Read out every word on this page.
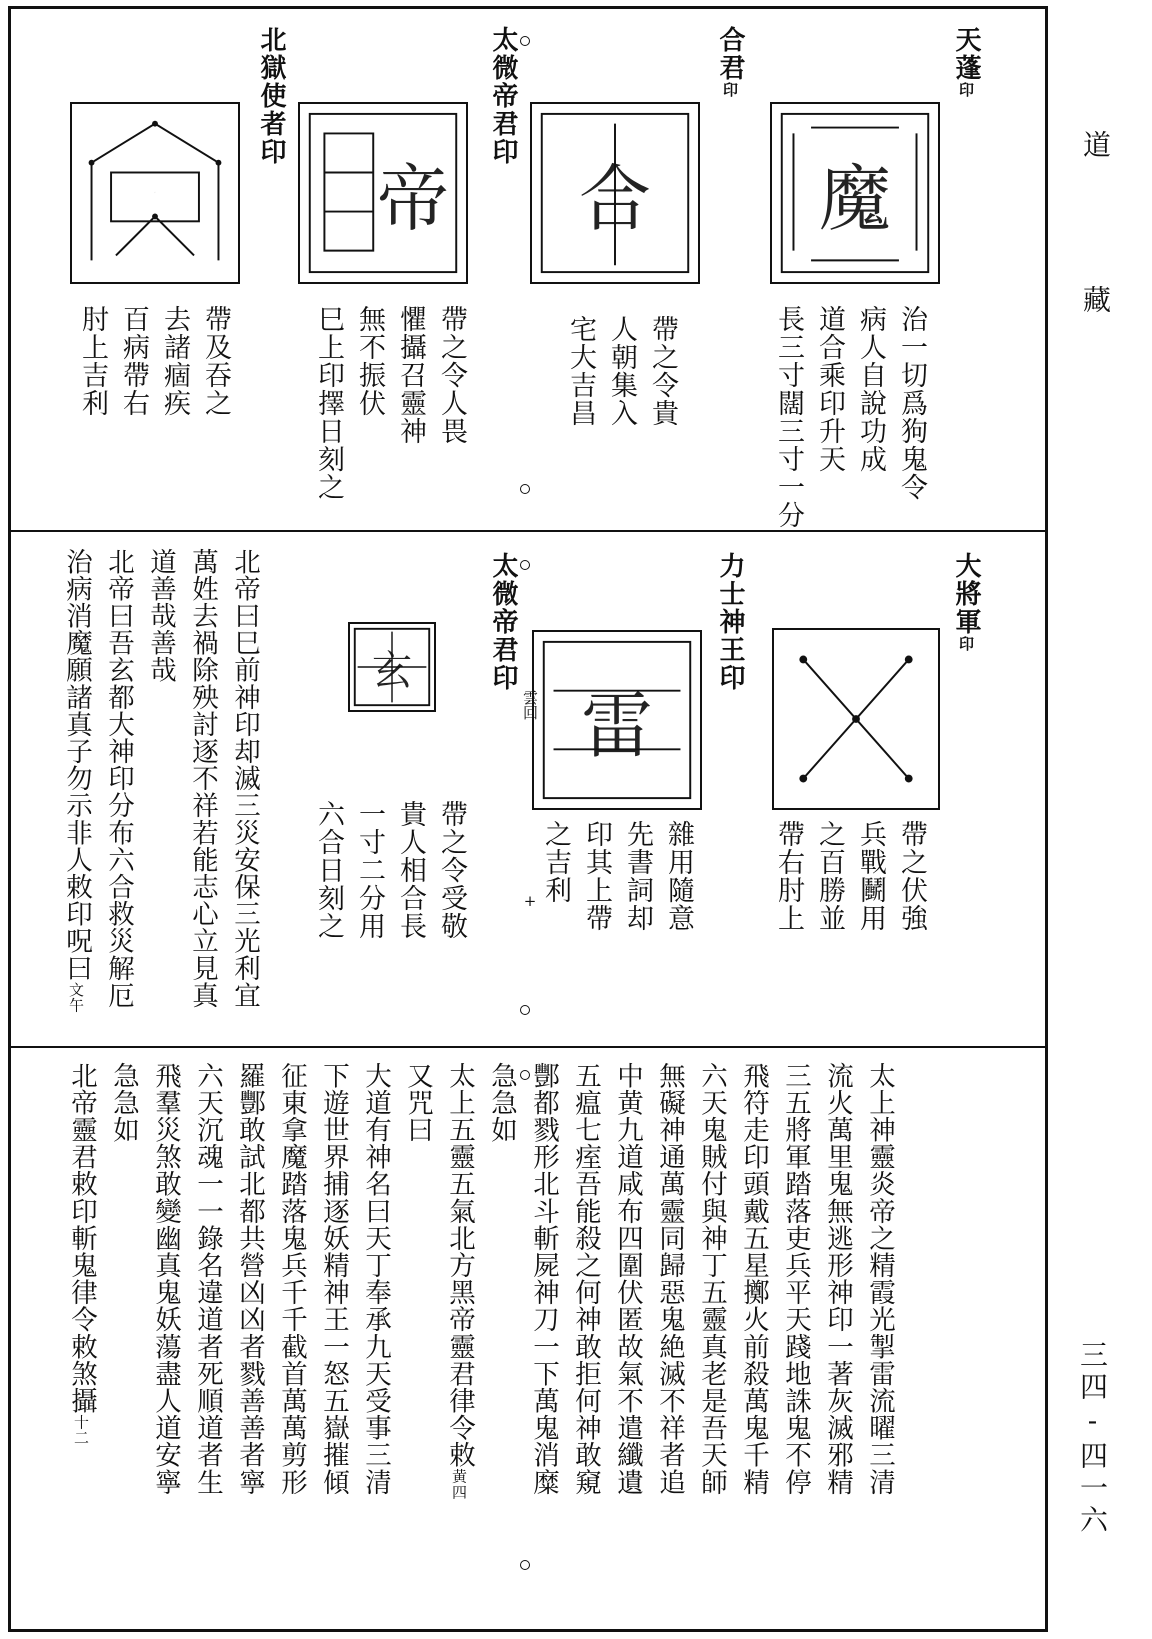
道
藏
三四-四一六
天蓬印
魔
治一切爲狗鬼令
病人自說功成
道合乘印升天
長三寸闊三寸一分
合君印
合
帶之令貴
人朝集入
宅大吉昌
太微帝君印
帝
帶之令人畏
懼攝召靈神
無不振伏
巳上印擇日刻之
北獄使者印
尸
帶及吞之
去諸痼疾
百病帶右
肘上吉利
大將軍印
帶之伏強
兵戰鬭用
之百勝並
帶右肘上
力士神王印
雷
雲回
雜用隨意
先書詞却
印其上帶
之吉利
+
太微帝君印
玄
帶之令受敬
貴人相合長
一寸二分用
六合日刻之
北帝曰巳前神印却滅三災安保三光利宜
萬姓去禍除殃討逐不祥若能志心立見真
道善哉善哉
北帝曰吾玄都大神印分布六合救災解厄
治病消魔願諸真子勿示非人敕印呪曰文午
太上神靈炎帝之精霞光掣雷流曜三清
流火萬里鬼無逃形神印一著灰滅邪精
三五將軍踏落吏兵平天踐地誅鬼不停
飛符走印頭戴五星擲火前殺萬鬼千精
六天鬼賊付與神丁五靈真老是吾天師
無礙神通萬靈同歸惡鬼絶滅不祥者追
中黄九道咸布四圍伏匿故氣不遣纖遺
五瘟七痓吾能殺之何神敢拒何神敢窺
酆都戮形北斗斬屍神刀一下萬鬼消糜
急急如
太上五靈五氣北方黑帝靈君律令敕黄四
又咒曰
大道有神名曰天丁奉承九天受事三清
下遊世界捕逐妖精神王一怒五嶽摧傾
征東拿魔踏落鬼兵千千截首萬萬剪形
羅酆敢試北都共營凶凶者戮善善者寧
六天沉魂一一錄名違道者死順道者生
飛羣災煞敢變幽真鬼妖蕩盡人道安寧
急急如
北帝靈君敕印斬鬼律令敕煞攝十二
